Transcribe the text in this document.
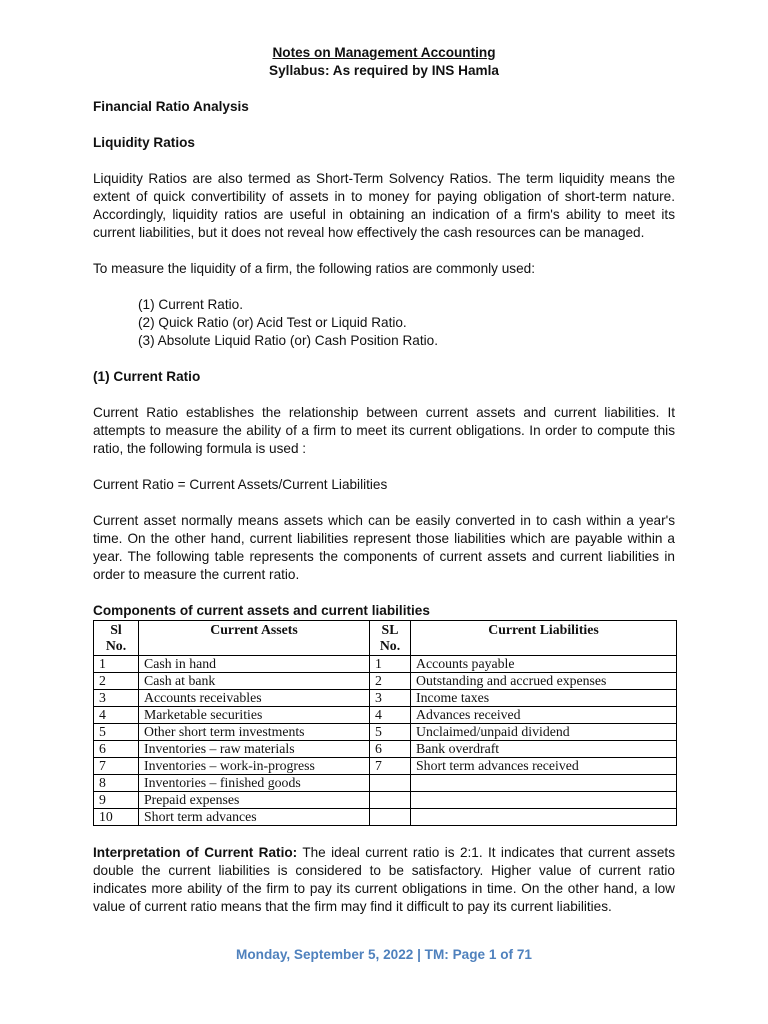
Notes on Management Accounting

Syllabus: As required by INS Hamla

Financial Ratio Analysis

Liquidity Ratios

Liquidity Ratios are also termed as Short-Term Solvency Ratios. The term liquidity means the extent of quick convertibility of assets in to money for paying obligation of short-term nature. Accordingly, liquidity ratios are useful in obtaining an indication of a firm's ability to meet its current liabilities, but it does not reveal how effectively the cash resources can be managed.

To measure the liquidity of a firm, the following ratios are commonly used:

(1) Current Ratio.
(2) Quick Ratio (or) Acid Test or Liquid Ratio.
(3) Absolute Liquid Ratio (or) Cash Position Ratio.

(1) Current Ratio

Current Ratio establishes the relationship between current assets and current liabilities. It attempts to measure the ability of a firm to meet its current obligations. In order to compute this ratio, the following formula is used :

Current Ratio = Current Assets/Current Liabilities

Current asset normally means assets which can be easily converted in to cash within a year's time. On the other hand, current liabilities represent those liabilities which are payable within a year. The following table represents the components of current assets and current liabilities in order to measure the current ratio.

Components of current assets and current liabilities

Sl No.	Current Assets	SL No.	Current Liabilities
1	Cash in hand	1	Accounts payable
2	Cash at bank	2	Outstanding and accrued expenses
3	Accounts receivables	3	Income taxes
4	Marketable securities	4	Advances received
5	Other short term investments	5	Unclaimed/unpaid dividend
6	Inventories – raw materials	6	Bank overdraft
7	Inventories – work-in-progress	7	Short term advances received
8	Inventories – finished goods		
9	Prepaid expenses		
10	Short term advances		

Interpretation of Current Ratio: The ideal current ratio is 2:1. It indicates that current assets double the current liabilities is considered to be satisfactory. Higher value of current ratio indicates more ability of the firm to pay its current obligations in time. On the other hand, a low value of current ratio means that the firm may find it difficult to pay its current liabilities.

Monday, September 5, 2022 | TM: Page 1 of 71
